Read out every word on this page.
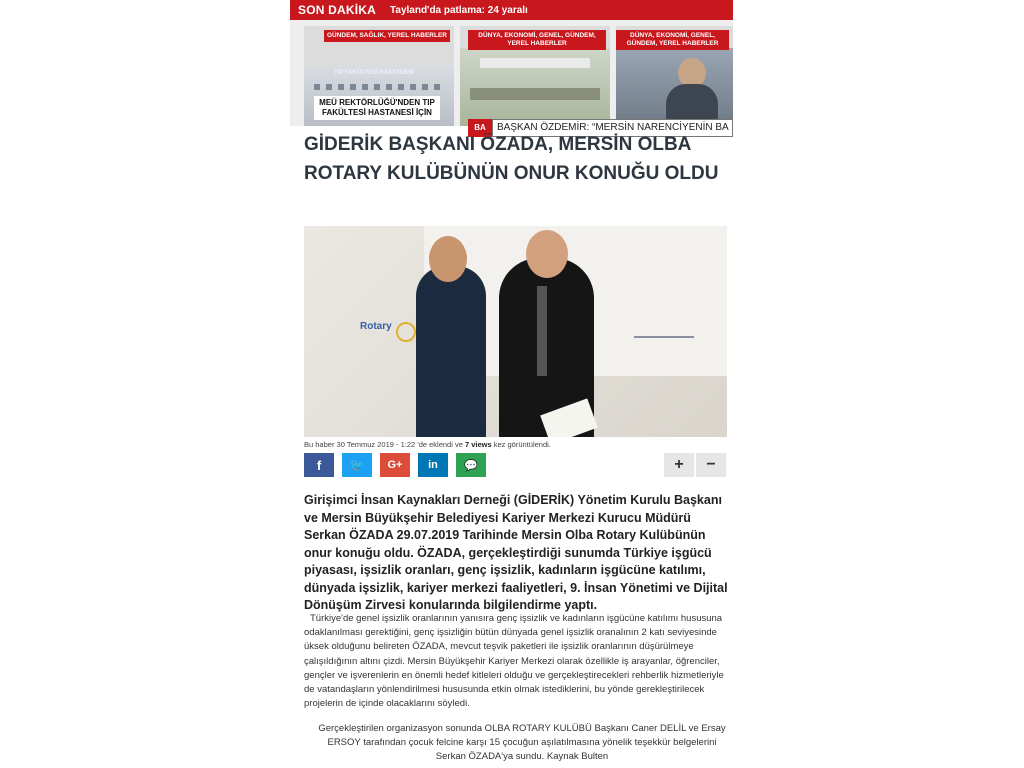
SON DAKİKA	Tayland'da patlama: 24 yaralı
TIP FAKÜLTESİ HASTANESİ
GÜNDEM, SAĞLIK, YEREL HABERLER
MEÜ REKTÖRLÜĞÜ'NDEN TIP FAKÜLTESİ HASTANESİ İÇİN
DÜNYA, EKONOMİ, GENEL, GÜNDEM, YEREL HABERLER
DÜNYA, EKONOMİ, GENEL, GÜNDEM, YEREL HABERLER
BA	BAŞKAN ÖZDEMİR: “MERSİN NARENCİYENİN BA
GİDERİK BAŞKANI ÖZADA, MERSİN OLBA ROTARY KULÜBÜNÜN ONUR KONUĞU OLDU
Rotary
Bu haber 30 Temmuz 2019 - 1:22 'de eklendi ve 7 views kez görüntülendi.
f 🐦 G+ in 💬	+ −

Girişimci İnsan Kaynakları Derneği (GİDERİK) Yönetim Kurulu Başkanı ve Mersin Büyükşehir Belediyesi Kariyer Merkezi Kurucu Müdürü Serkan ÖZADA 29.07.2019 Tarihinde Mersin Olba Rotary Kulübünün onur konuğu oldu. ÖZADA, gerçekleştirdiği sunumda Türkiye işgücü piyasası, işsizlik oranları, genç işsizlik, kadınların işgücüne katılımı, dünyada işsizlik, kariyer merkezi faaliyetleri, 9. İnsan Yönetimi ve Dijital Dönüşüm Zirvesi konularında bilgilendirme yaptı.

Türkiye'de genel işsizlik oranlarının yanısıra genç işsizlik ve kadınların işgücüne katılımı hususuna odaklanılması gerektiğini, genç işsizliğin bütün dünyada genel işsizlik oranalının 2 katı seviyesinde üksek olduğunu belireten ÖZADA, mevcut teşvik paketleri ile işsizlik oranlarının düşürülmeye çalışıldığının altını çizdi. Mersin Büyükşehir Kariyer Merkezi olarak özellikle iş arayanlar, öğrenciler, gençler ve işverenlerin en önemli hedef kitleleri olduğu ve gerçekleştirecekleri rehberlik hizmetleriyle de vatandaşların yönlendirilmesi hususunda etkin olmak istediklerini, bu yönde gerekleştirilecek projelerin de içinde olacaklarını söyledi.

Gerçekleştirilen organizasyon sonunda OLBA ROTARY KULÜBÜ Başkanı Caner DELİL ve Ersay ERSOY tarafından çocuk felcine karşı 15 çocuğun aşılatılmasına yönelik teşekkür belgelerini Serkan ÖZADA'ya sundu. Kaynak Bulten
